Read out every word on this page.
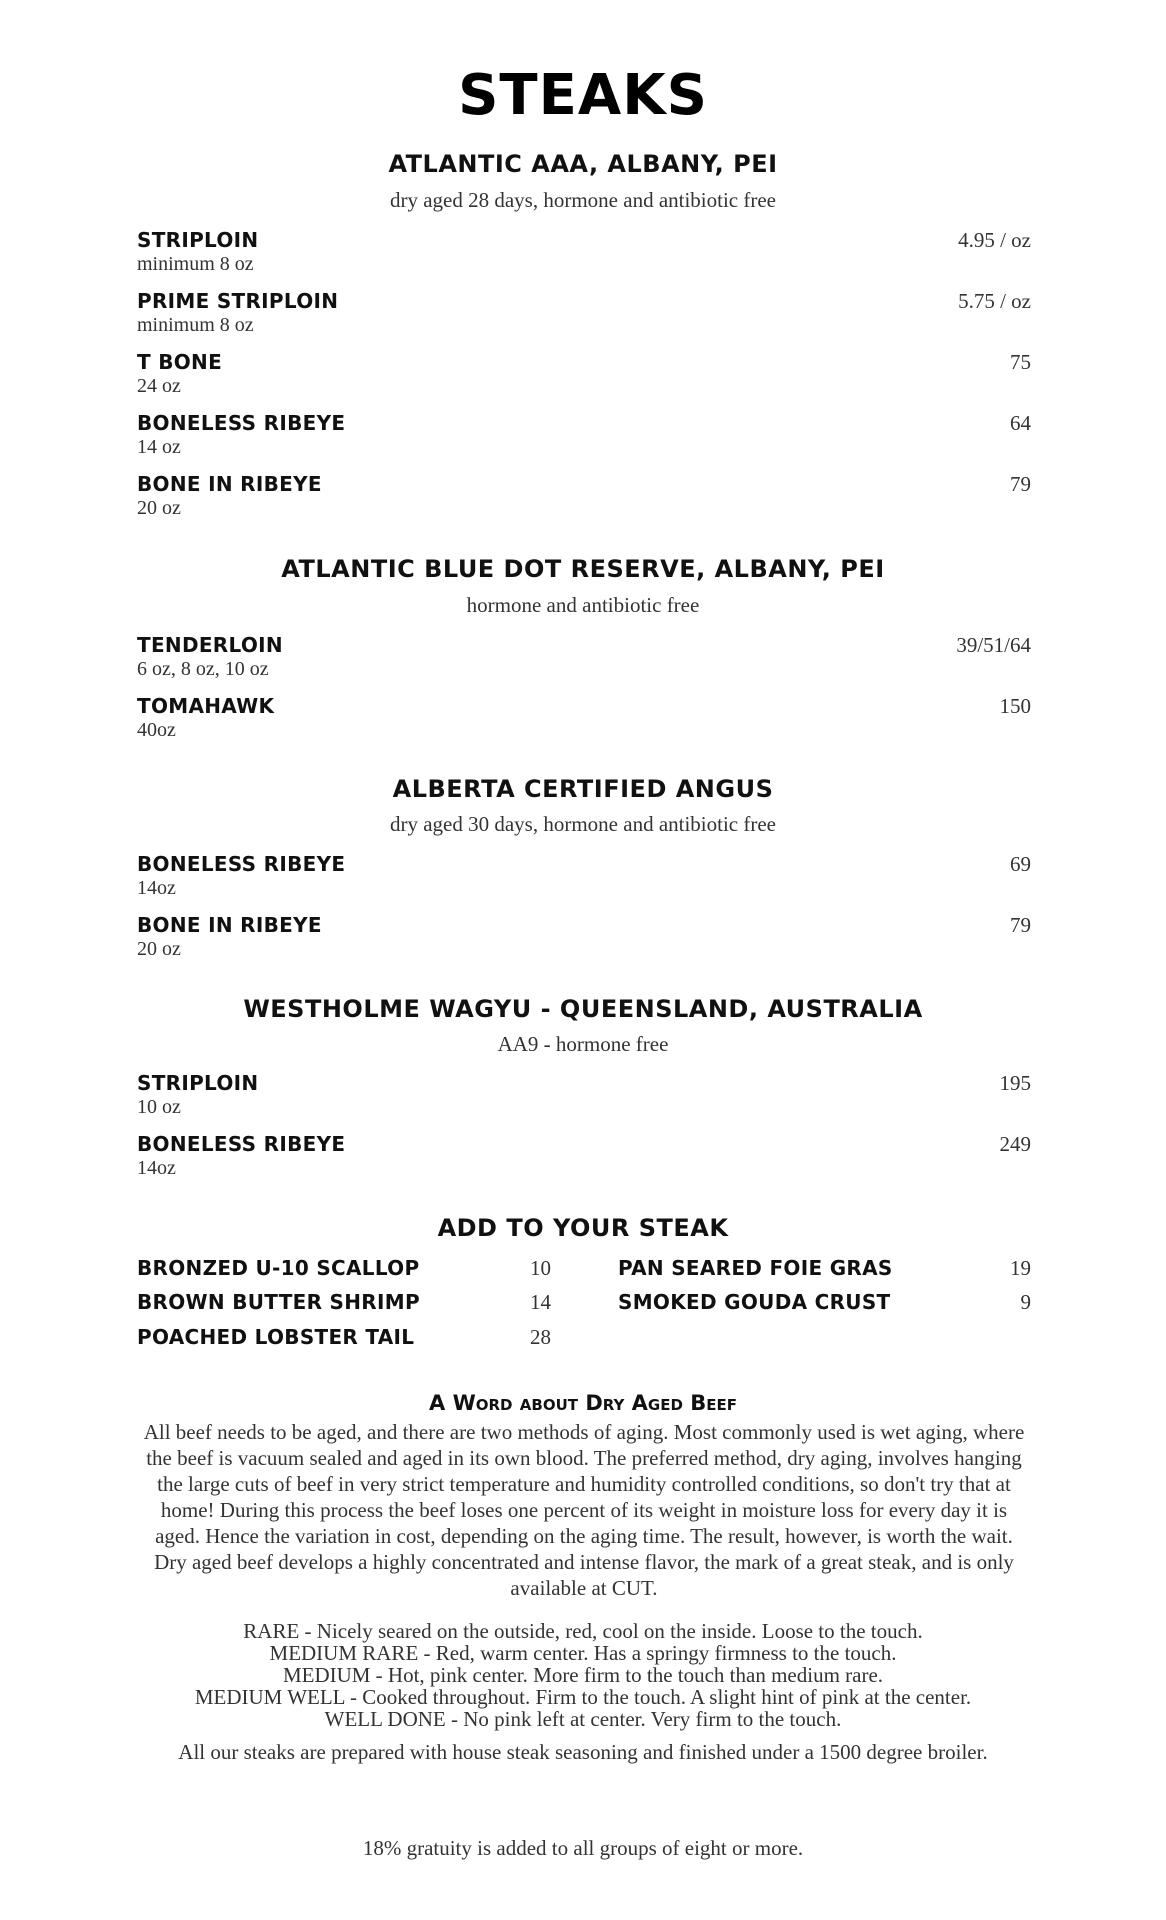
STEAKS
ATLANTIC AAA, ALBANY, PEI
dry aged 28 days, hormone and antibiotic free
STRIPLOIN
minimum 8 oz
4.95 / oz
PRIME STRIPLOIN
minimum 8 oz
5.75 / oz
T BONE
24 oz
75
BONELESS RIBEYE
14 oz
64
BONE IN RIBEYE
20 oz
79
ATLANTIC BLUE DOT RESERVE, ALBANY, PEI
hormone and antibiotic free
TENDERLOIN
6 oz, 8 oz, 10 oz
39/51/64
TOMAHAWK
40oz
150
ALBERTA CERTIFIED ANGUS
dry aged 30 days, hormone and antibiotic free
BONELESS RIBEYE
14oz
69
BONE IN RIBEYE
20 oz
79
WESTHOLME WAGYU - QUEENSLAND, AUSTRALIA
AA9 - hormone free
STRIPLOIN
10 oz
195
BONELESS RIBEYE
14oz
249
ADD TO YOUR STEAK
BRONZED U-10 SCALLOP	10
BROWN BUTTER SHRIMP	14
POACHED LOBSTER TAIL	28
PAN SEARED FOIE GRAS	19
SMOKED GOUDA CRUST	9
A Word about Dry Aged Beef
All beef needs to be aged, and there are two methods of aging. Most commonly used is wet aging, where the beef is vacuum sealed and aged in its own blood. The preferred method, dry aging, involves hanging the large cuts of beef in very strict temperature and humidity controlled conditions, so don't try that at home! During this process the beef loses one percent of its weight in moisture loss for every day it is aged. Hence the variation in cost, depending on the aging time. The result, however, is worth the wait. Dry aged beef develops a highly concentrated and intense flavor, the mark of a great steak, and is only available at CUT.
RARE - Nicely seared on the outside, red, cool on the inside. Loose to the touch.
MEDIUM RARE - Red, warm center. Has a springy firmness to the touch.
MEDIUM - Hot, pink center. More firm to the touch than medium rare.
MEDIUM WELL - Cooked throughout. Firm to the touch. A slight hint of pink at the center.
WELL DONE - No pink left at center. Very firm to the touch.
All our steaks are prepared with house steak seasoning and finished under a 1500 degree broiler.
18% gratuity is added to all groups of eight or more.
